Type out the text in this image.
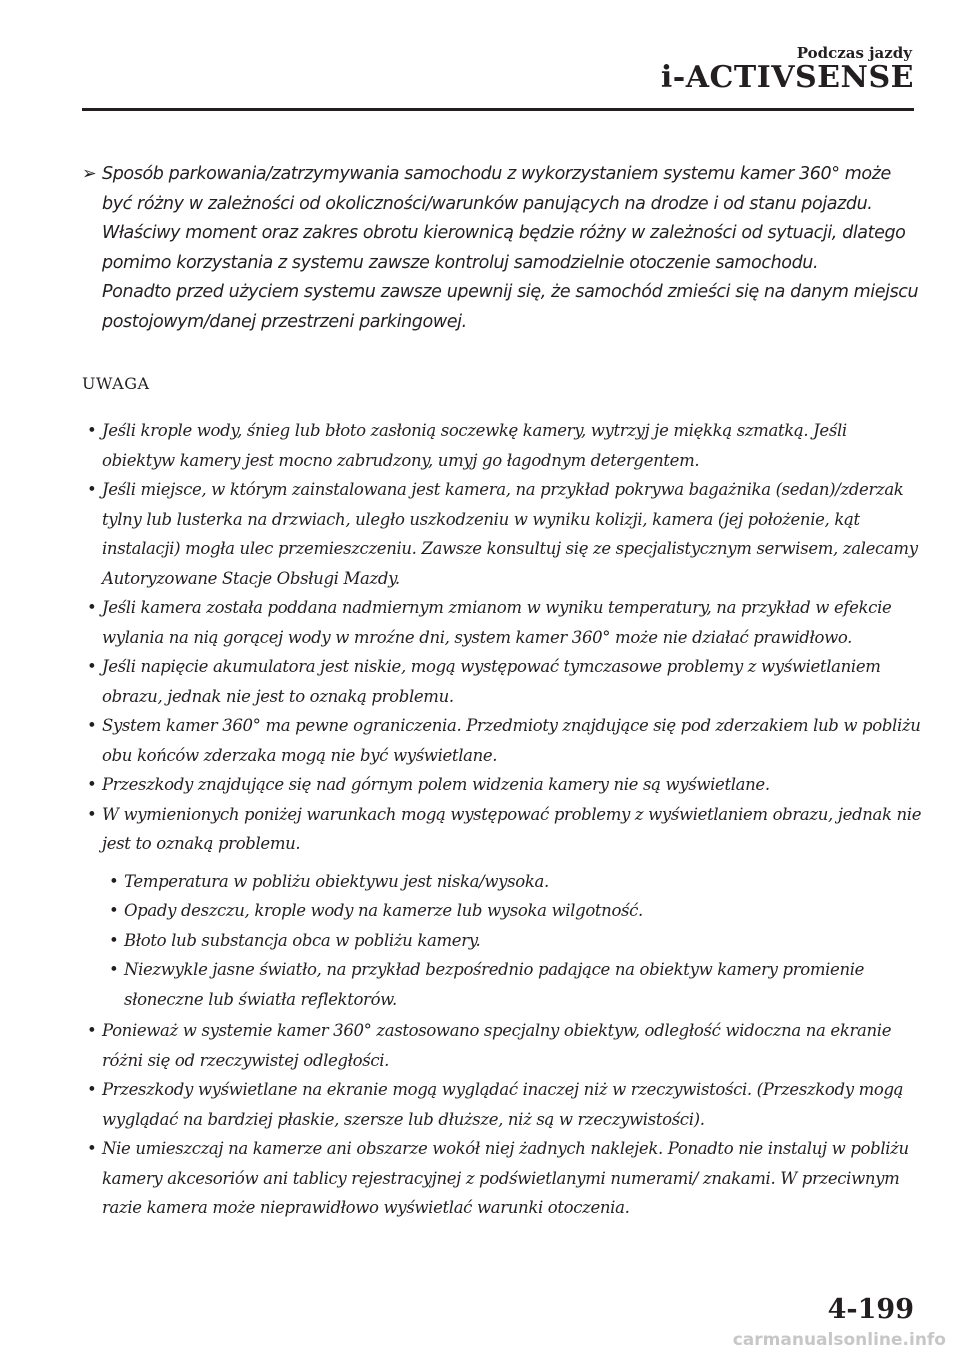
Podczas jazdy
i-ACTIVSENSE
➢ Sposób parkowania/zatrzymywania samochodu z wykorzystaniem systemu kamer 360° może być różny w zależności od okoliczności/warunków panujących na drodze i od stanu pojazdu. Właściwy moment oraz zakres obrotu kierownicą będzie różny w zależności od sytuacji, dlatego pomimo korzystania z systemu zawsze kontroluj samodzielnie otoczenie samochodu.

Ponadto przed użyciem systemu zawsze upewnij się, że samochód zmieści się na danym miejscu postojowym/danej przestrzeni parkingowej.

UWAGA
• Jeśli krople wody, śnieg lub błoto zasłonią soczewkę kamery, wytrzyj je miękką szmatką. Jeśli obiektyw kamery jest mocno zabrudzony, umyj go łagodnym detergentem.
• Jeśli miejsce, w którym zainstalowana jest kamera, na przykład pokrywa bagażnika (sedan)/zderzak tylny lub lusterka na drzwiach, uległo uszkodzeniu w wyniku kolizji, kamera (jej położenie, kąt instalacji) mogła ulec przemieszczeniu. Zawsze konsultuj się ze specjalistycznym serwisem, zalecamy Autoryzowane Stacje Obsługi Mazdy.
• Jeśli kamera została poddana nadmiernym zmianom w wyniku temperatury, na przykład w efekcie wylania na nią gorącej wody w mroźne dni, system kamer 360° może nie działać prawidłowo.
• Jeśli napięcie akumulatora jest niskie, mogą występować tymczasowe problemy z wyświetlaniem obrazu, jednak nie jest to oznaką problemu.
• System kamer 360° ma pewne ograniczenia. Przedmioty znajdujące się pod zderzakiem lub w pobliżu obu końców zderzaka mogą nie być wyświetlane.
• Przeszkody znajdujące się nad górnym polem widzenia kamery nie są wyświetlane.
• W wymienionych poniżej warunkach mogą występować problemy z wyświetlaniem obrazu, jednak nie jest to oznaką problemu.
• Temperatura w pobliżu obiektywu jest niska/wysoka.
• Opady deszczu, krople wody na kamerze lub wysoka wilgotność.
• Błoto lub substancja obca w pobliżu kamery.
• Niezwykle jasne światło, na przykład bezpośrednio padające na obiektyw kamery promienie słoneczne lub światła reflektorów.
• Ponieważ w systemie kamer 360° zastosowano specjalny obiektyw, odległość widoczna na ekranie różni się od rzeczywistej odległości.
• Przeszkody wyświetlane na ekranie mogą wyglądać inaczej niż w rzeczywistości. (Przeszkody mogą wyglądać na bardziej płaskie, szersze lub dłuższe, niż są w rzeczywistości).
• Nie umieszczaj na kamerze ani obszarze wokół niej żadnych naklejek. Ponadto nie instaluj w pobliżu kamery akcesoriów ani tablicy rejestracyjnej z podświetlanymi numerami/ znakami. W przeciwnym razie kamera może nieprawidłowo wyświetlać warunki otoczenia.
4-199
carmanualsonline.info
